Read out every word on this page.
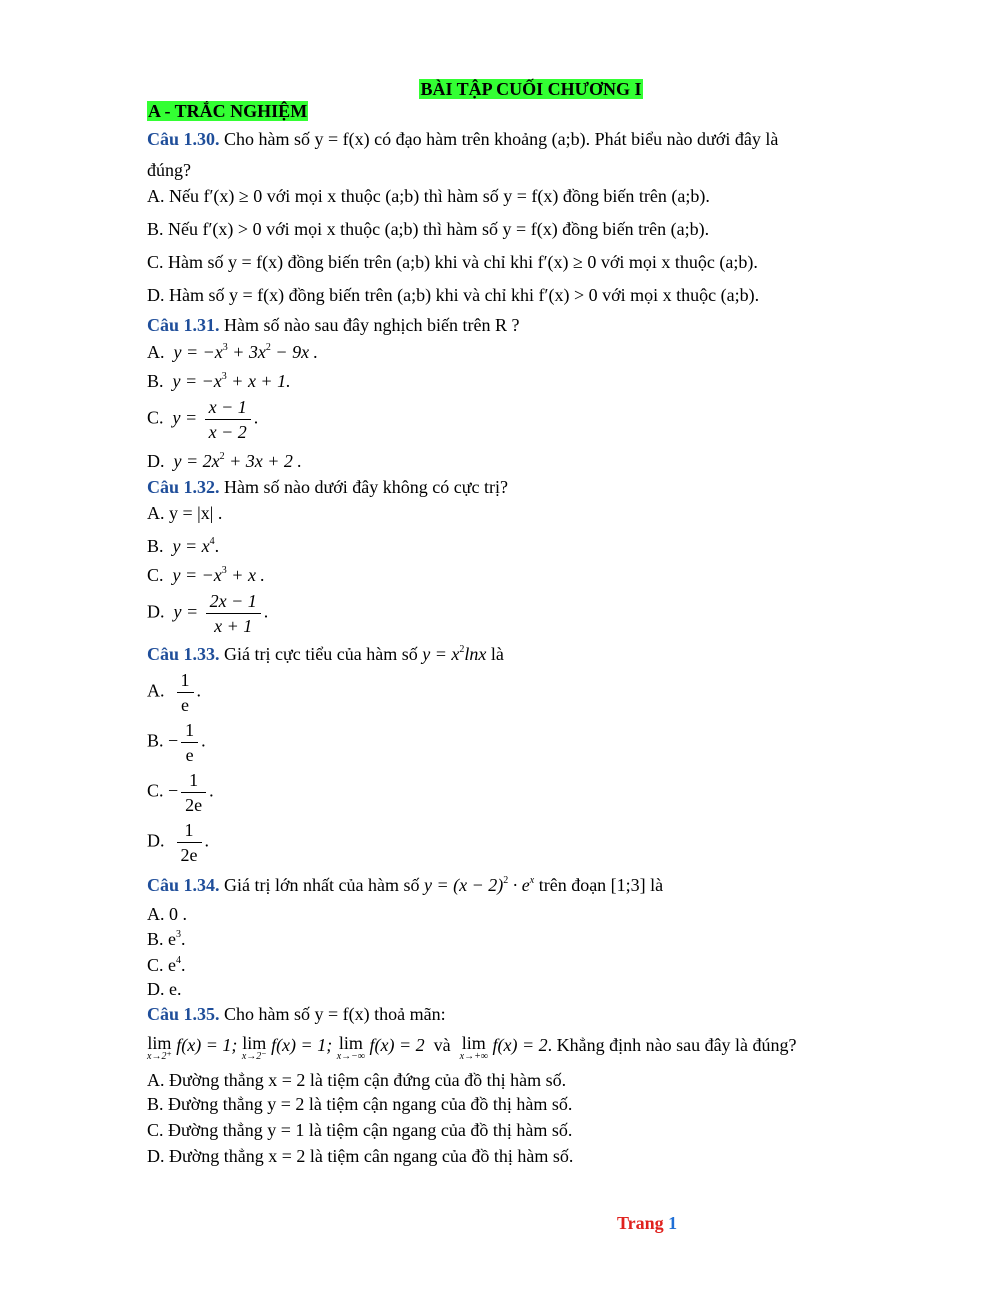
BÀI TẬP CUỐI CHƯƠNG I
A - TRẮC NGHIỆM
Câu 1.30. Cho hàm số y = f(x) có đạo hàm trên khoảng (a;b). Phát biểu nào dưới đây là
đúng?
A. Nếu f′(x) ≥ 0 với mọi x thuộc (a;b) thì hàm số y = f(x) đồng biến trên (a;b).
B. Nếu f′(x) > 0 với mọi x thuộc (a;b) thì hàm số y = f(x) đồng biến trên (a;b).
C. Hàm số y = f(x) đồng biến trên (a;b) khi và chỉ khi f′(x) ≥ 0 với mọi x thuộc (a;b).
D. Hàm số y = f(x) đồng biến trên (a;b) khi và chỉ khi f′(x) > 0 với mọi x thuộc (a;b).
Câu 1.31. Hàm số nào sau đây nghịch biến trên R ?
A. $y = -x^3 + 3x^2 - 9x$ .
B. $y = -x^3 + x + 1$.
C. $y = \frac{x - 1}{x - 2}$ .
D. $y = 2x^2 + 3x + 2$ .
Câu 1.32. Hàm số nào dưới đây không có cực trị?
A. y = |x| .
B. $y = x^4$.
C. $y = -x^3 + x$ .
D. $y = \frac{2x - 1}{x + 1}$ .
Câu 1.33. Giá trị cực tiểu của hàm số $y = x^2\ln x$ là
A. $\frac{1}{e}$ .
B. − $\frac{1}{e}$ .
C. − $\frac{1}{2e}$ .
D. $\frac{1}{2e}$ .
Câu 1.34. Giá trị lớn nhất của hàm số $y = (x - 2)^2 \cdot e^x$ trên đoạn [1;3] là
A. 0 .
B. $e^3$.
C. $e^4$.
D. e.
Câu 1.35. Cho hàm số y = f(x) thoả mãn:
lim
x→2⁺
f(x) = 1; lim
x→2⁻
f(x) = 1; lim
x→−∞
f(x) = 2 và lim
x→+∞
f(x) = 2. Khẳng định nào sau đây là đúng?
A. Đường thẳng x = 2 là tiệm cận đứng của đồ thị hàm số.
B. Đường thẳng y = 2 là tiệm cận ngang của đồ thị hàm số.
C. Đường thẳng y = 1 là tiệm cận ngang của đồ thị hàm số.
D. Đường thẳng x = 2 là tiệm cân ngang của đồ thị hàm số.
Trang 1
